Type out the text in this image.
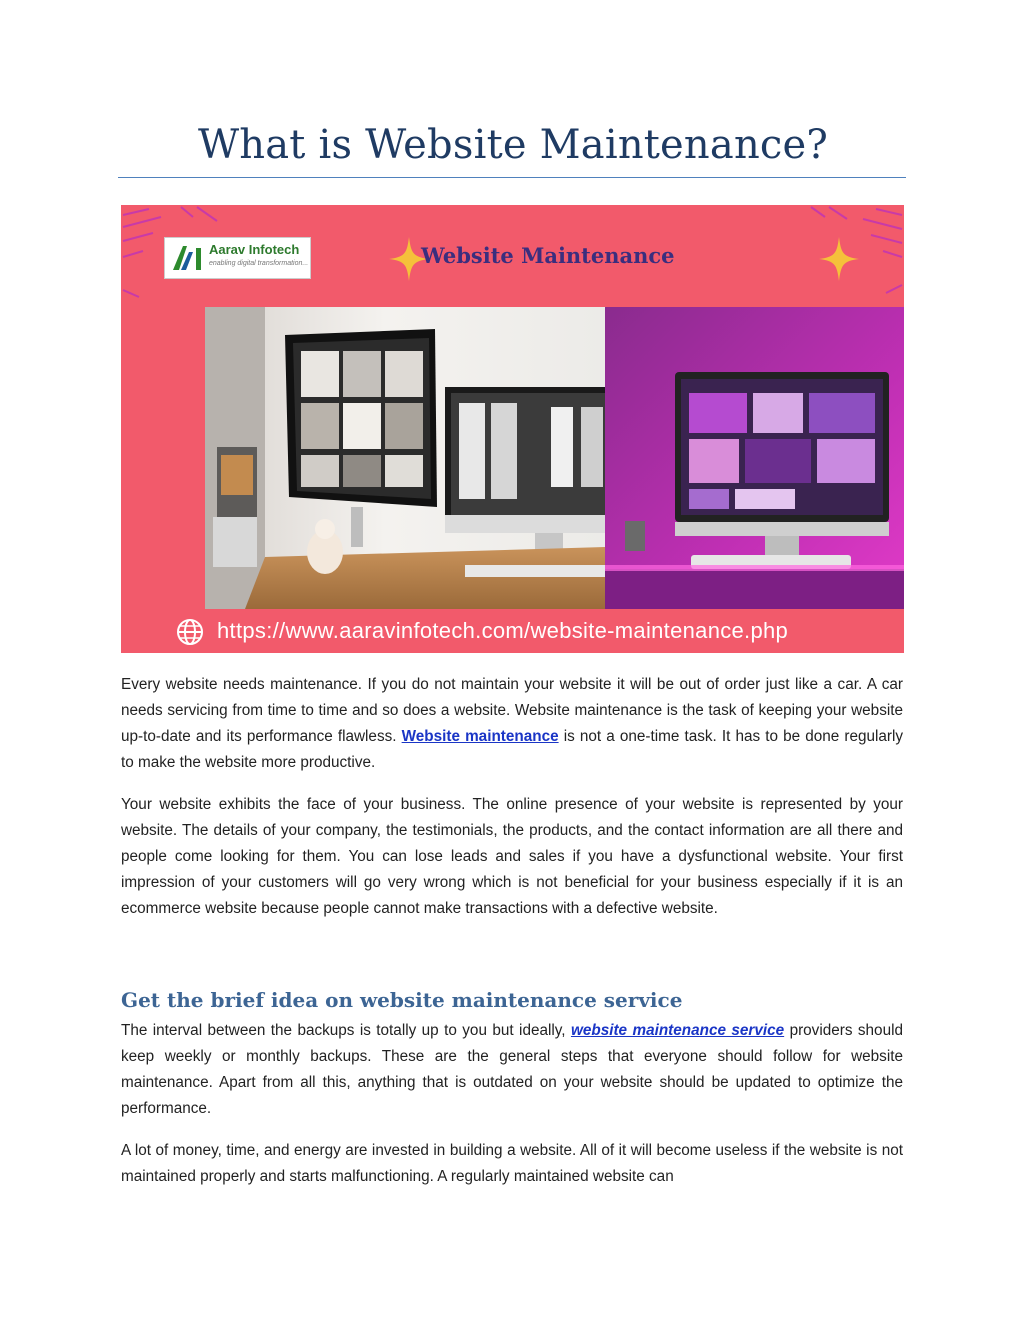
What is Website Maintenance?
Aarav Infotech
enabling digital transformation...	Website Maintenance
https://www.aaravinfotech.com/website-maintenance.php

Every website needs maintenance. If you do not maintain your website it will be out of order just like a car. A car needs servicing from time to time and so does a website. Website maintenance is the task of keeping your website up-to-date and its performance flawless. Website maintenance is not a one-time task. It has to be done regularly to make the website more productive.

Your website exhibits the face of your business. The online presence of your website is represented by your website. The details of your company, the testimonials, the products, and the contact information are all there and people come looking for them. You can lose leads and sales if you have a dysfunctional website. Your first impression of your customers will go very wrong which is not beneficial for your business especially if it is an ecommerce website because people cannot make transactions with a defective website.

Get the brief idea on website maintenance service

The interval between the backups is totally up to you but ideally, website maintenance service providers should keep weekly or monthly backups. These are the general steps that everyone should follow for website maintenance. Apart from all this, anything that is outdated on your website should be updated to optimize the performance.

A lot of money, time, and energy are invested in building a website. All of it will become useless if the website is not maintained properly and starts malfunctioning. A regularly maintained website can
